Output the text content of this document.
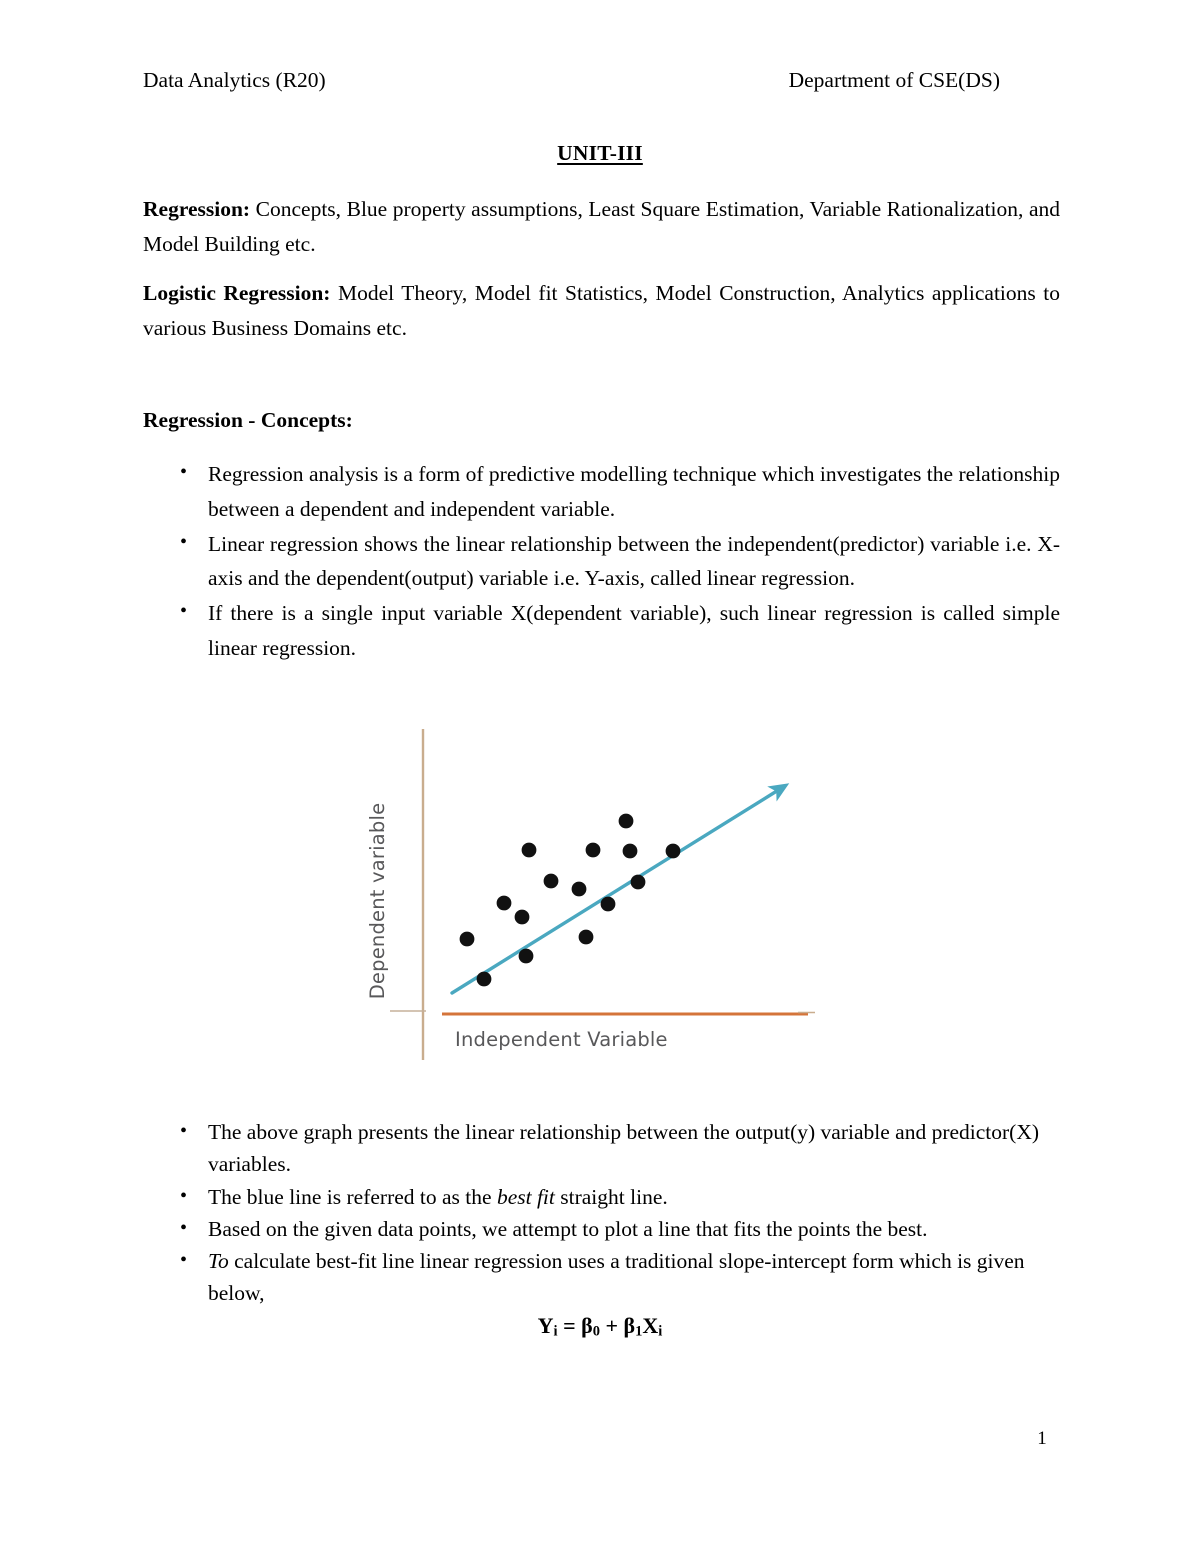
Data Analytics (R20)	Department of CSE(DS)
UNIT-III

Regression: Concepts, Blue property assumptions, Least Square Estimation, Variable Rationalization, and Model Building etc.

Logistic Regression: Model Theory, Model fit Statistics, Model Construction, Analytics applications to various Business Domains etc.

Regression - Concepts:
• Regression analysis is a form of predictive modelling technique which investigates the relationship between a dependent and independent variable.
• Linear regression shows the linear relationship between the independent(predictor) variable i.e. X-axis and the dependent(output) variable i.e. Y-axis, called linear regression.
• If there is a single input variable X(dependent variable), such linear regression is called simple linear regression.
Dependent variable
Independent Variable
• The above graph presents the linear relationship between the output(y) variable and predictor(X) variables.
• The blue line is referred to as the best fit straight line.
• Based on the given data points, we attempt to plot a line that fits the points the best.
• To calculate best-fit line linear regression uses a traditional slope-intercept form which is given below,
$Y_i = \beta_0 + \beta_1X_i$
1
